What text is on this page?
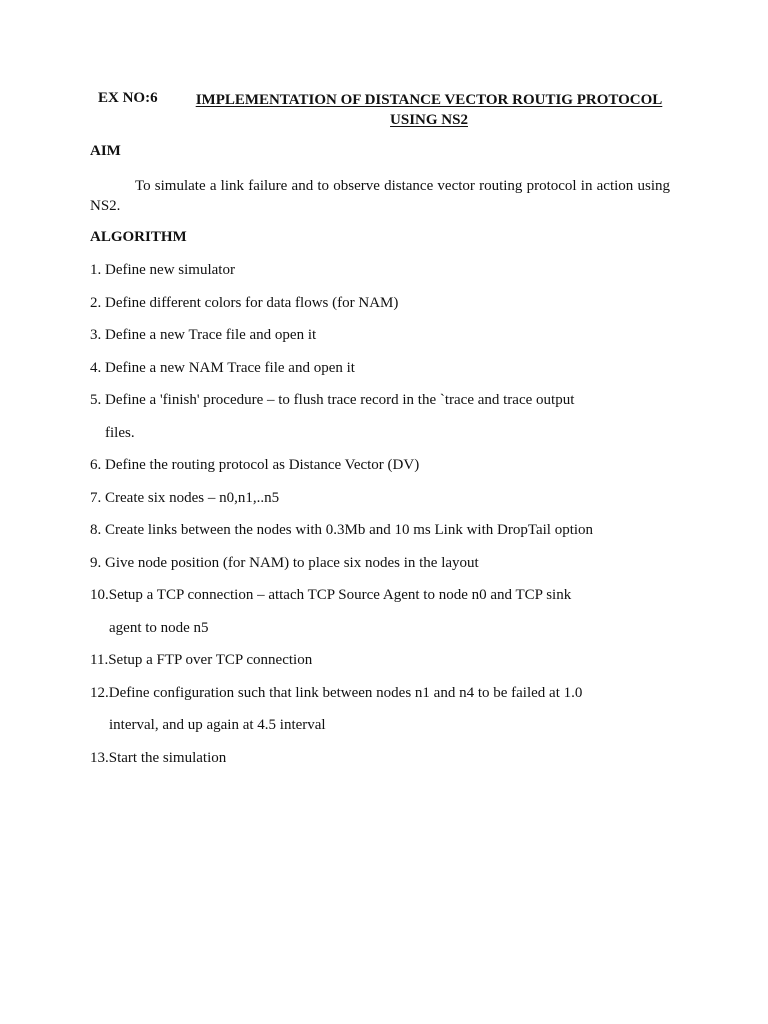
EX NO:6	IMPLEMENTATION OF DISTANCE VECTOR ROUTIG PROTOCOL
USING NS2
AIM
To simulate a link failure and to observe distance vector routing protocol in action using NS2.
ALGORITHM
1. Define new simulator
2. Define different colors for data flows (for NAM)
3. Define a new Trace file and open it
4. Define a new NAM Trace file and open it
5. Define a 'finish' procedure – to flush trace record in the `trace and trace output
files.
6. Define the routing protocol as Distance Vector (DV)
7. Create six nodes – n0,n1,..n5
8. Create links between the nodes with 0.3Mb and 10 ms Link with DropTail option
9. Give node position (for NAM) to place six nodes in the layout
10.Setup a TCP connection – attach TCP Source Agent to node n0 and TCP sink
agent to node n5
11.Setup a FTP over TCP connection
12.Define configuration such that link between nodes n1 and n4 to be failed at 1.0
interval, and up again at 4.5 interval
13.Start the simulation
